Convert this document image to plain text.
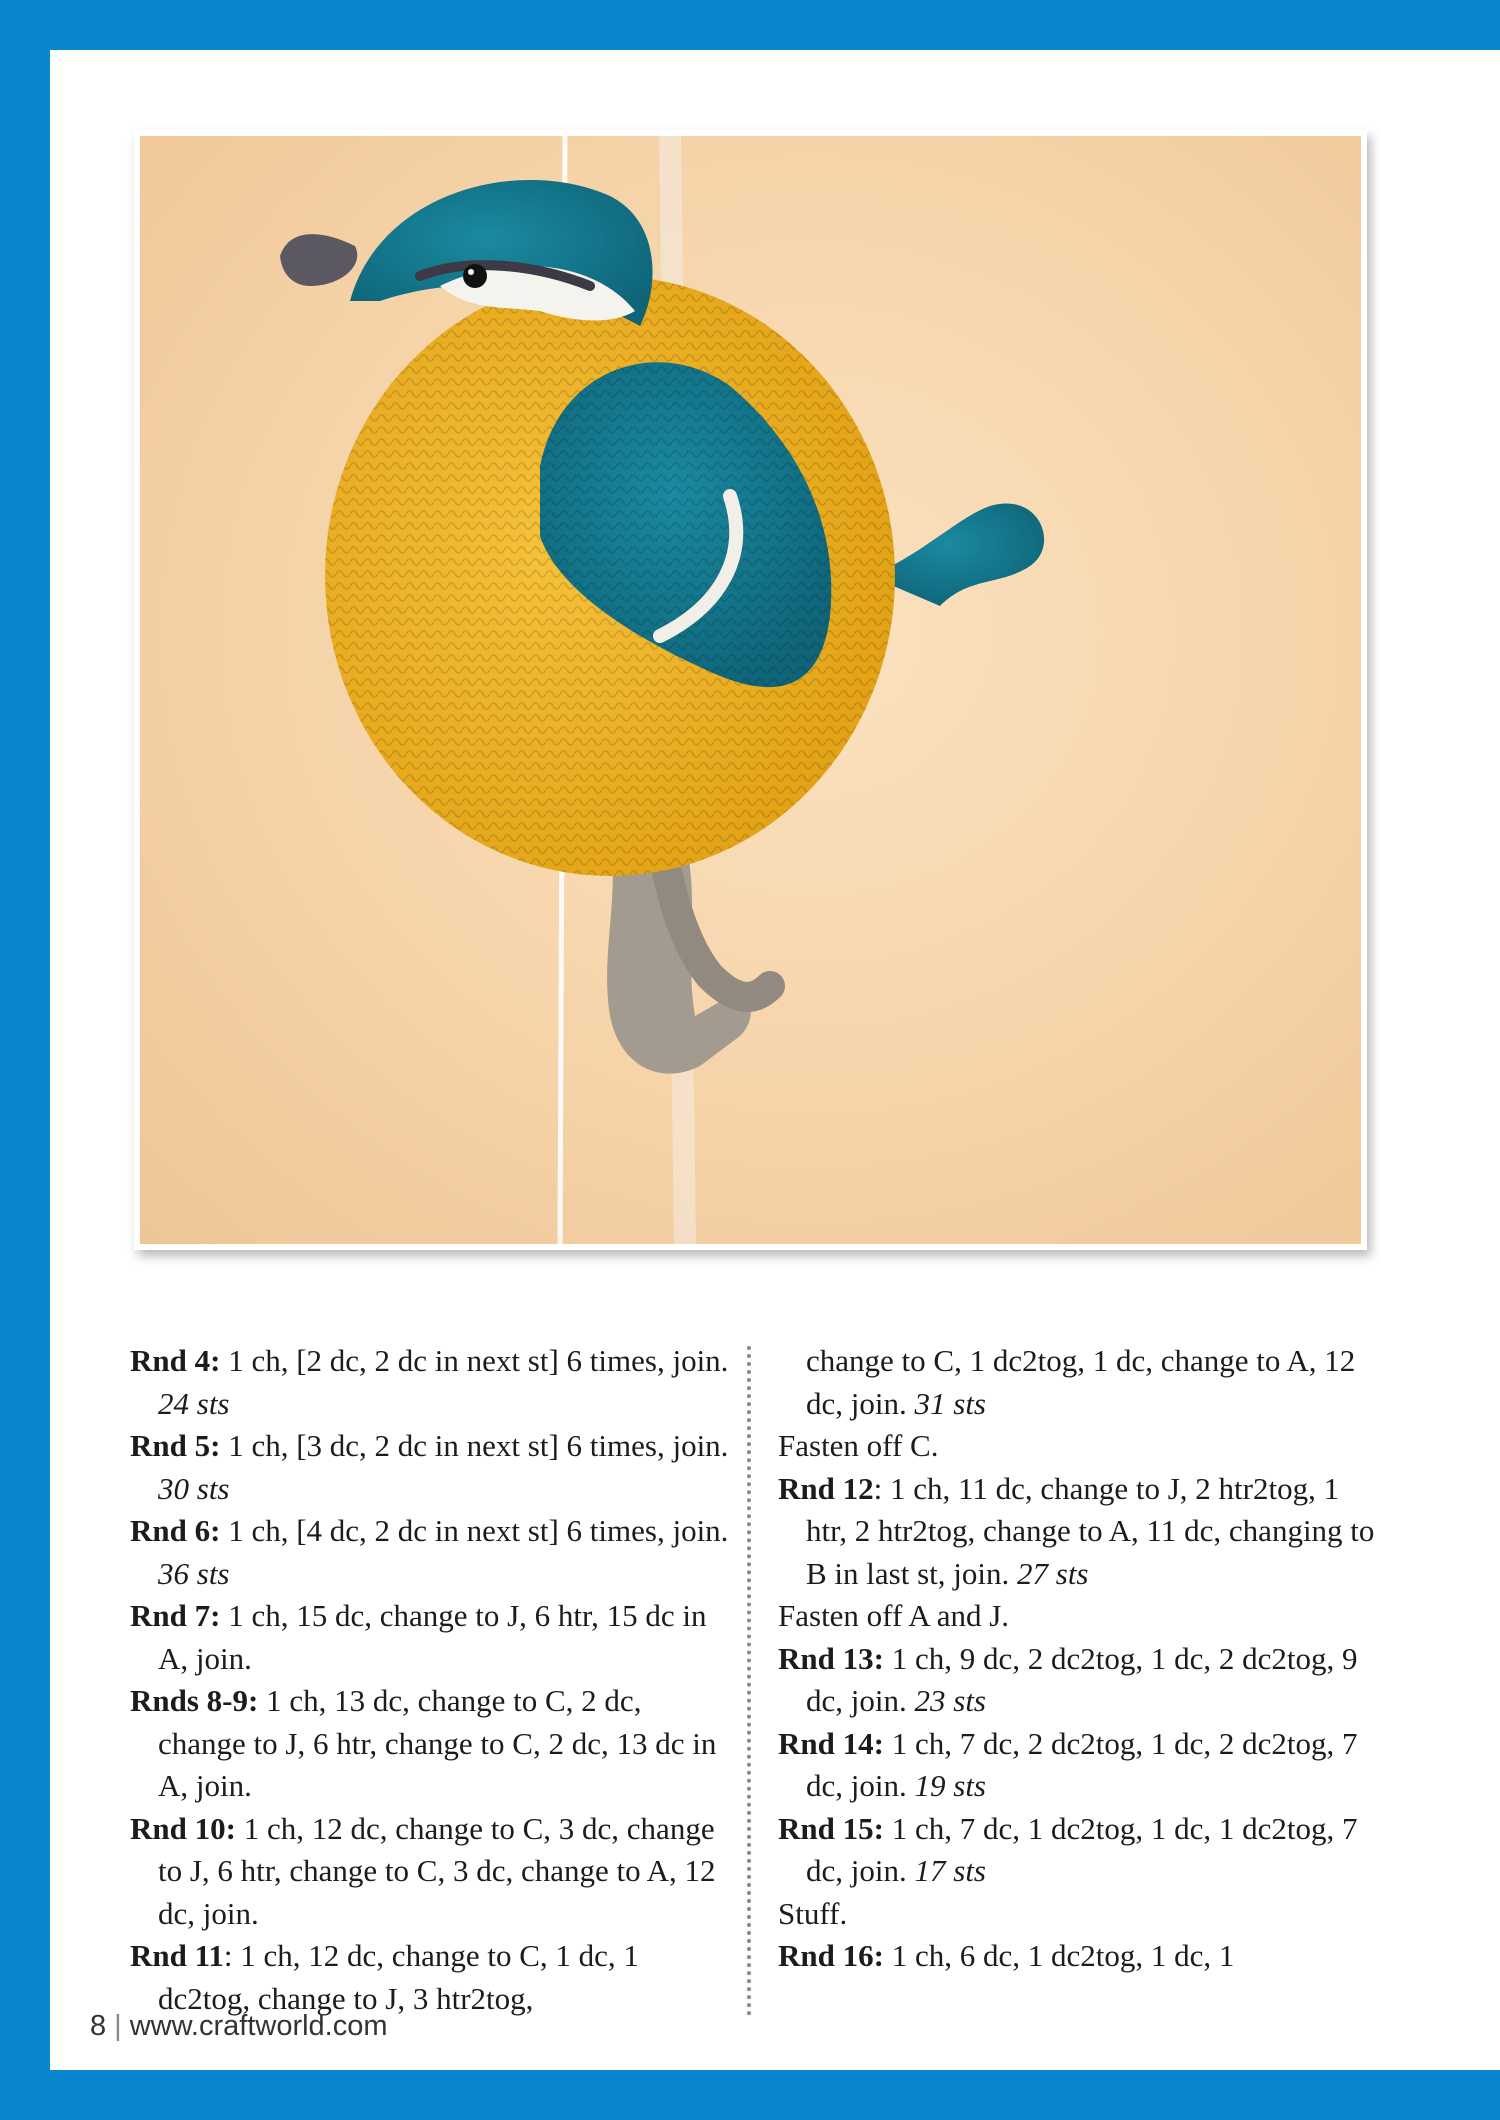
Rnd 4: 1 ch, [2 dc, 2 dc in next st] 6 times, join. 24 sts

Rnd 5: 1 ch, [3 dc, 2 dc in next st] 6 times, join. 30 sts

Rnd 6: 1 ch, [4 dc, 2 dc in next st] 6 times, join. 36 sts

Rnd 7: 1 ch, 15 dc, change to J, 6 htr, 15 dc in A, join.

Rnds 8-9: 1 ch, 13 dc, change to C, 2 dc, change to J, 6 htr, change to C, 2 dc, 13 dc in A, join.

Rnd 10: 1 ch, 12 dc, change to C, 3 dc, change to J, 6 htr, change to C, 3 dc, change to A, 12 dc, join.

Rnd 11: 1 ch, 12 dc, change to C, 1 dc, 1 dc2tog, change to J, 3 htr2tog,

change to C, 1 dc2tog, 1 dc, change to A, 12 dc, join. 31 sts

Fasten off C.

Rnd 12: 1 ch, 11 dc, change to J, 2 htr2tog, 1 htr, 2 htr2tog, change to A, 11 dc, changing to B in last st, join. 27 sts

Fasten off A and J.

Rnd 13: 1 ch, 9 dc, 2 dc2tog, 1 dc, 2 dc2tog, 9 dc, join. 23 sts

Rnd 14: 1 ch, 7 dc, 2 dc2tog, 1 dc, 2 dc2tog, 7 dc, join. 19 sts

Rnd 15: 1 ch, 7 dc, 1 dc2tog, 1 dc, 1 dc2tog, 7 dc, join. 17 sts

Stuff.

Rnd 16: 1 ch, 6 dc, 1 dc2tog, 1 dc, 1

8 | www.craftworld.com
